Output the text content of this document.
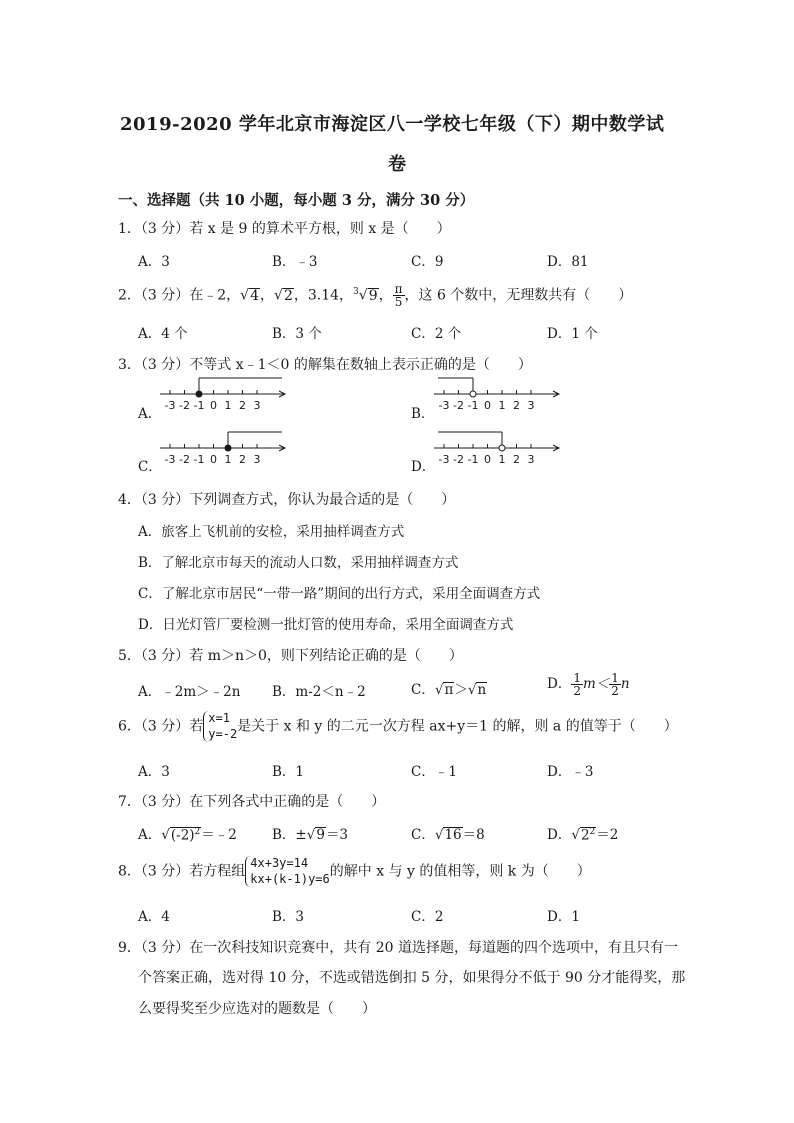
2019-2020 学年北京市海淀区八一学校七年级（下）期中数学试
卷
一、选择题（共 10 小题，每小题 3 分，满分 30 分）
1．（3 分）若 x 是 9 的算术平方根，则 x 是（　　）
A．3	B．﹣3	C．9	D．81
2．（3 分）在﹣2，√4，√2，3.14，$^3$√9， $\frac{\pi}{5}$ ，这 6 个数中，无理数共有（　　）
A．4 个	B．3 个	C．2 个	D．1 个
3．（3 分）不等式 x﹣1＜0 的解集在数轴上表示正确的是（　　）
A．	B．
C．	D．
-3 -2 -1 0 1 2 3	-3 -2 -1 0 1 2 3
-3 -2 -1 0 1 2 3	-3 -2 -1 0 1 2 3
4．（3 分）下列调查方式，你认为最合适的是（　　）
A．旅客上飞机前的安检，采用抽样调查方式
B．了解北京市每天的流动人口数，采用抽样调查方式
C．了解北京市居民“一带一路”期间的出行方式，采用全面调查方式
D．日光灯管厂要检测一批灯管的使用寿命，采用全面调查方式
5．（3 分）若 m＞n＞0，则下列结论正确的是（　　）
A．﹣2m＞﹣2n B．m-2＜n﹣2	C．√π＞√n	D． $\frac{1}{2} m< \frac{1}{2}$ n
6．（3 分）若
x=1
y=-2 是关于 x 和 y 的二元一次方程 ax+y＝1 的解，则 a 的值等于（　　）
A．3	B．1	C．﹣1	D．﹣3
7．（3 分）在下列各式中正确的是（　　）
A．$√(-2)^2=﹣2$	B．±√9＝3	C．√16＝8	D．$√2^2=2$
8．（3 分）若方程组
4x+3y=14
kx+(k-1)y=6 的解中 x 与 y 的值相等，则 k 为（　　）
A．4	B．3	C．2	D．1
9．（3 分）在一次科技知识竞赛中，共有 20 道选择题，每道题的四个选项中，有且只有一
个答案正确，选对得 10 分，不选或错选倒扣 5 分，如果得分不低于 90 分才能得奖，那
么要得奖至少应选对的题数是（　　）
